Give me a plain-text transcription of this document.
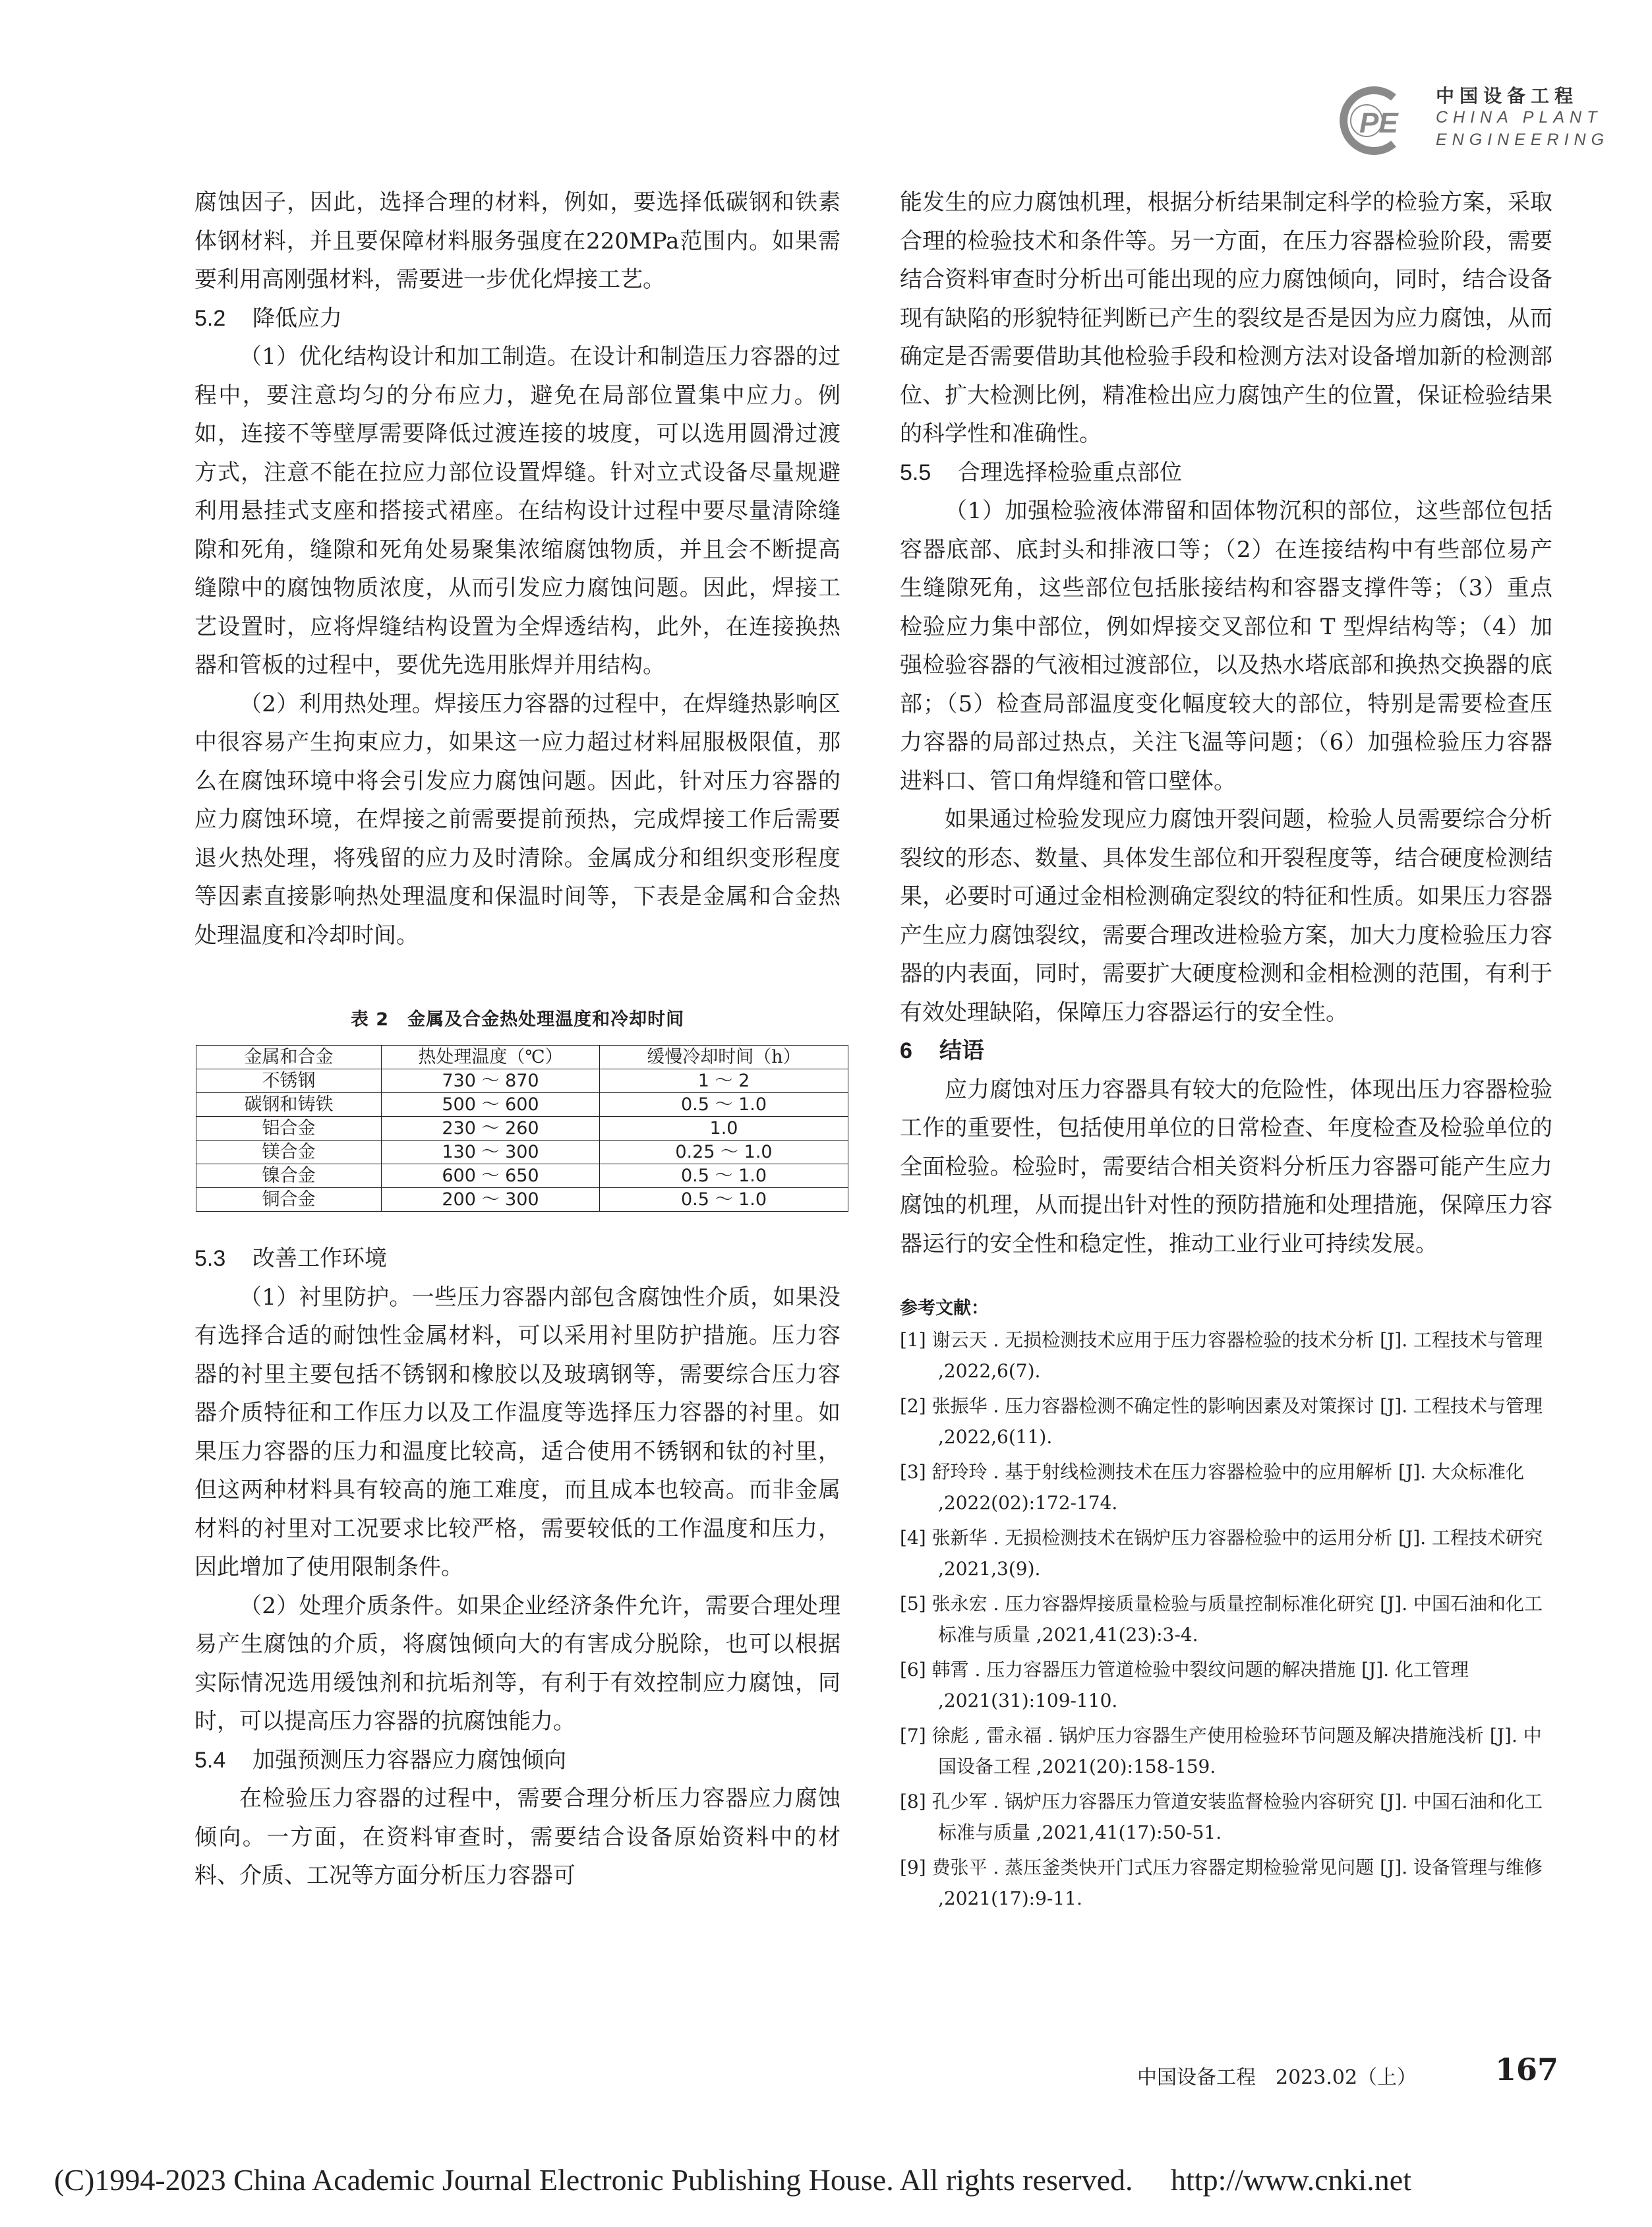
PE
中国设备工程
CHINA PLANT
ENGINEERING

腐蚀因子，因此，选择合理的材料，例如，要选择低碳钢和铁素体钢材料，并且要保障材料服务强度在220MPa范围内。如果需要利用高刚强材料，需要进一步优化焊接工艺。

5.2 降低应力

（1）优化结构设计和加工制造。在设计和制造压力容器的过程中，要注意均匀的分布应力，避免在局部位置集中应力。例如，连接不等壁厚需要降低过渡连接的坡度，可以选用圆滑过渡方式，注意不能在拉应力部位设置焊缝。针对立式设备尽量规避利用悬挂式支座和搭接式裙座。在结构设计过程中要尽量清除缝隙和死角，缝隙和死角处易聚集浓缩腐蚀物质，并且会不断提高缝隙中的腐蚀物质浓度，从而引发应力腐蚀问题。因此，焊接工艺设置时，应将焊缝结构设置为全焊透结构，此外，在连接换热器和管板的过程中，要优先选用胀焊并用结构。

（2）利用热处理。焊接压力容器的过程中，在焊缝热影响区中很容易产生拘束应力，如果这一应力超过材料屈服极限值，那么在腐蚀环境中将会引发应力腐蚀问题。因此，针对压力容器的应力腐蚀环境，在焊接之前需要提前预热，完成焊接工作后需要退火热处理，将残留的应力及时清除。金属成分和组织变形程度等因素直接影响热处理温度和保温时间等，下表是金属和合金热处理温度和冷却时间。

表 2　金属及合金热处理温度和冷却时间

金属和合金	热处理温度（℃）	缓慢冷却时间（h）
不锈钢	730 ～ 870	1 ～ 2
碳钢和铸铁	500 ～ 600	0.5 ～ 1.0
铝合金	230 ～ 260	1.0
镁合金	130 ～ 300	0.25 ～ 1.0
镍合金	600 ～ 650	0.5 ～ 1.0
铜合金	200 ～ 300	0.5 ～ 1.0

5.3 改善工作环境

（1）衬里防护。一些压力容器内部包含腐蚀性介质，如果没有选择合适的耐蚀性金属材料，可以采用衬里防护措施。压力容器的衬里主要包括不锈钢和橡胶以及玻璃钢等，需要综合压力容器介质特征和工作压力以及工作温度等选择压力容器的衬里。如果压力容器的压力和温度比较高，适合使用不锈钢和钛的衬里，但这两种材料具有较高的施工难度，而且成本也较高。而非金属材料的衬里对工况要求比较严格，需要较低的工作温度和压力，因此增加了使用限制条件。

（2）处理介质条件。如果企业经济条件允许，需要合理处理易产生腐蚀的介质，将腐蚀倾向大的有害成分脱除，也可以根据实际情况选用缓蚀剂和抗垢剂等，有利于有效控制应力腐蚀，同时，可以提高压力容器的抗腐蚀能力。

5.4 加强预测压力容器应力腐蚀倾向

在检验压力容器的过程中，需要合理分析压力容器应力腐蚀倾向。一方面，在资料审查时，需要结合设备原始资料中的材料、介质、工况等方面分析压力容器可

能发生的应力腐蚀机理，根据分析结果制定科学的检验方案，采取合理的检验技术和条件等。另一方面，在压力容器检验阶段，需要结合资料审查时分析出可能出现的应力腐蚀倾向，同时，结合设备现有缺陷的形貌特征判断已产生的裂纹是否是因为应力腐蚀，从而确定是否需要借助其他检验手段和检测方法对设备增加新的检测部位、扩大检测比例，精准检出应力腐蚀产生的位置，保证检验结果的科学性和准确性。

5.5 合理选择检验重点部位

（1）加强检验液体滞留和固体物沉积的部位，这些部位包括容器底部、底封头和排液口等；（2）在连接结构中有些部位易产生缝隙死角，这些部位包括胀接结构和容器支撑件等；（3）重点检验应力集中部位，例如焊接交叉部位和 T 型焊结构等；（4）加强检验容器的气液相过渡部位，以及热水塔底部和换热交换器的底部；（5）检查局部温度变化幅度较大的部位，特别是需要检查压力容器的局部过热点，关注飞温等问题；（6）加强检验压力容器进料口、管口角焊缝和管口壁体。

如果通过检验发现应力腐蚀开裂问题，检验人员需要综合分析裂纹的形态、数量、具体发生部位和开裂程度等，结合硬度检测结果，必要时可通过金相检测确定裂纹的特征和性质。如果压力容器产生应力腐蚀裂纹，需要合理改进检验方案，加大力度检验压力容器的内表面，同时，需要扩大硬度检测和金相检测的范围，有利于有效处理缺陷，保障压力容器运行的安全性。

6 结语

应力腐蚀对压力容器具有较大的危险性，体现出压力容器检验工作的重要性，包括使用单位的日常检查、年度检查及检验单位的全面检验。检验时，需要结合相关资料分析压力容器可能产生应力腐蚀的机理，从而提出针对性的预防措施和处理措施，保障压力容器运行的安全性和稳定性，推动工业行业可持续发展。

参考文献：

[1] 谢云天 . 无损检测技术应用于压力容器检验的技术分析 [J]. 工程技术与管理 ,2022,6(7).

[2] 张振华 . 压力容器检测不确定性的影响因素及对策探讨 [J]. 工程技术与管理 ,2022,6(11).

[3] 舒玲玲 . 基于射线检测技术在压力容器检验中的应用解析 [J]. 大众标准化 ,2022(02):172-174.

[4] 张新华 . 无损检测技术在锅炉压力容器检验中的运用分析 [J]. 工程技术研究 ,2021,3(9).

[5] 张永宏 . 压力容器焊接质量检验与质量控制标准化研究 [J]. 中国石油和化工标准与质量 ,2021,41(23):3-4.

[6] 韩霄 . 压力容器压力管道检验中裂纹问题的解决措施 [J]. 化工管理 ,2021(31):109-110.

[7] 徐彪 , 雷永福 . 锅炉压力容器生产使用检验环节问题及解决措施浅析 [J]. 中国设备工程 ,2021(20):158-159.

[8] 孔少军 . 锅炉压力容器压力管道安装监督检验内容研究 [J]. 中国石油和化工标准与质量 ,2021,41(17):50-51.

[9] 费张平 . 蒸压釜类快开门式压力容器定期检验常见问题 [J]. 设备管理与维修 ,2021(17):9-11.

中国设备工程　2023.02（上）	167
(C)1994-2023 China Academic Journal Electronic Publishing House. All rights reserved.　 http://www.cnki.net
